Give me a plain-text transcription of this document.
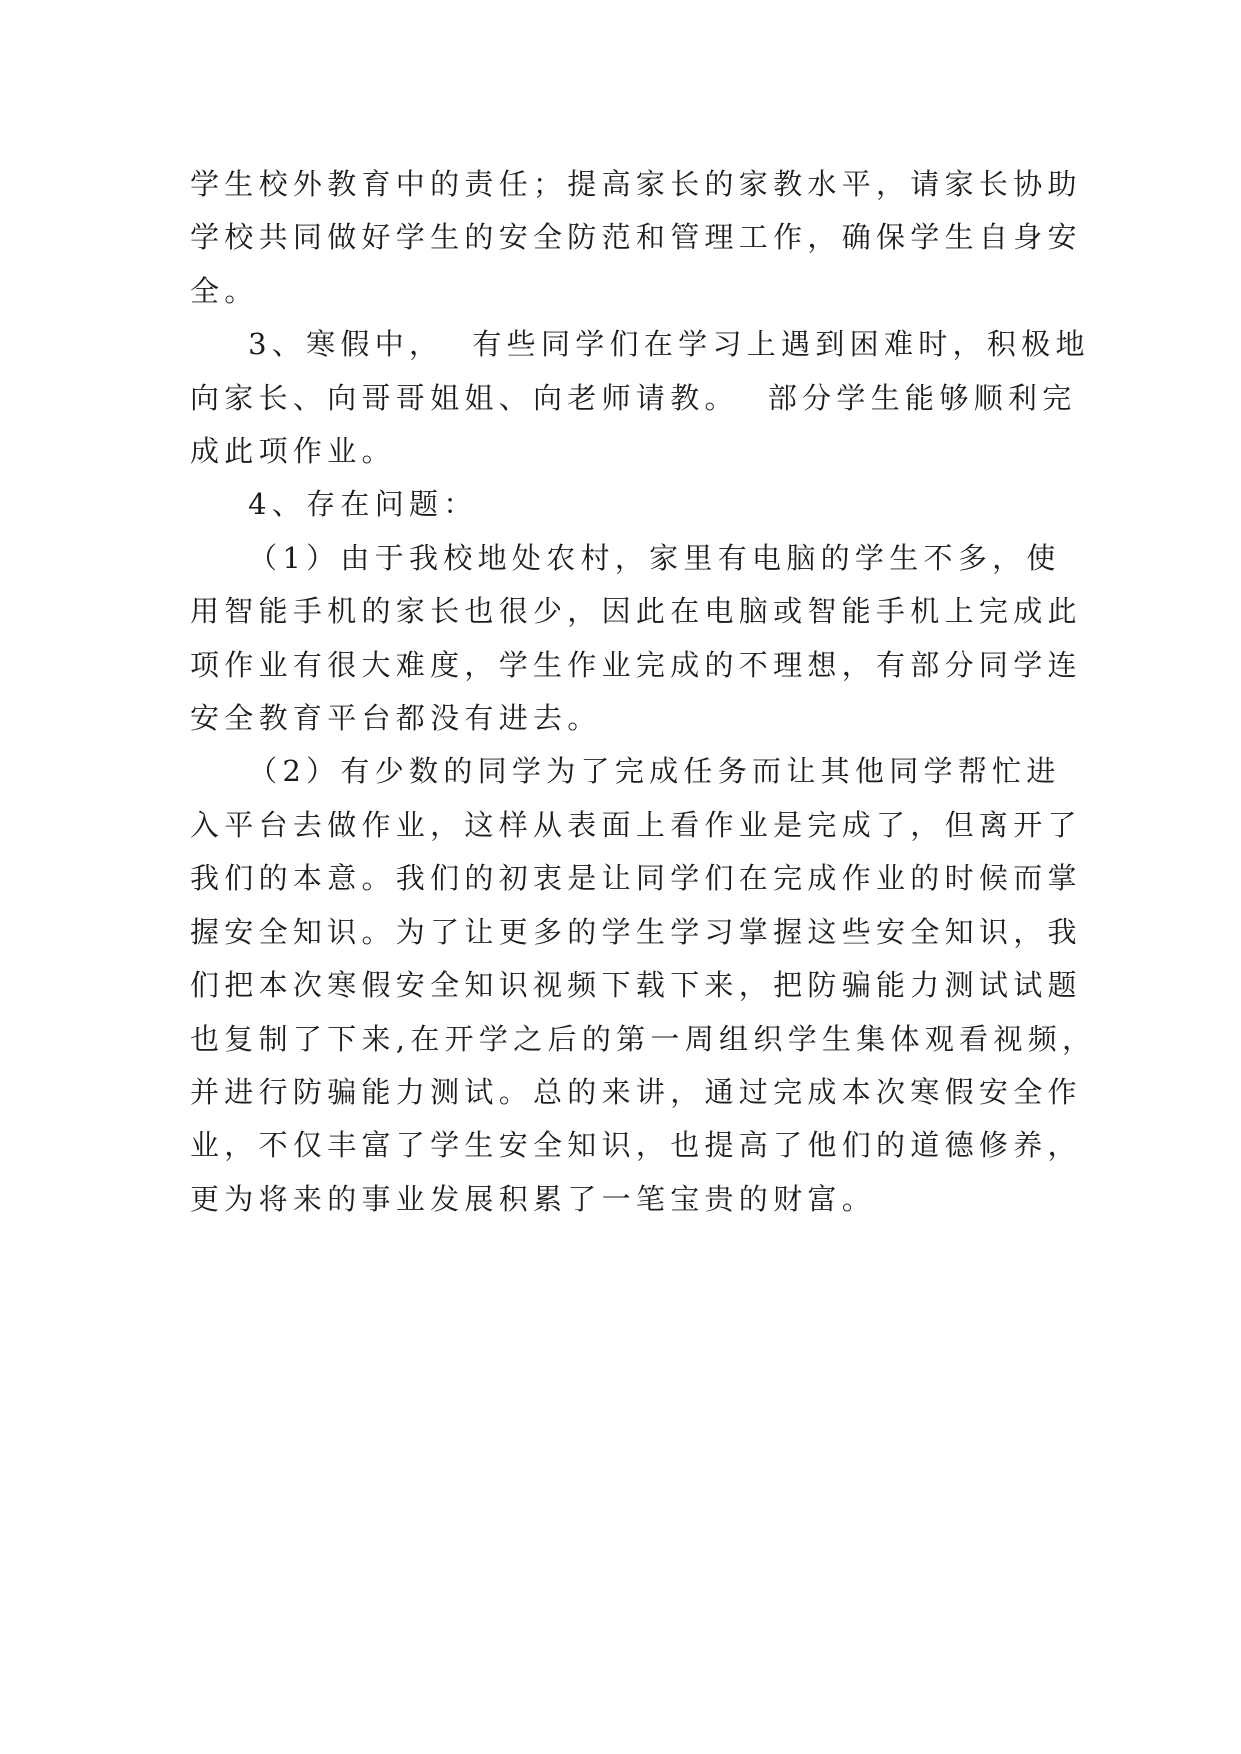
学生校外教育中的责任；提高家长的家教水平，请家长协助

学校共同做好学生的安全防范和管理工作，确保学生自身安

全。

3、寒假中，  有些同学们在学习上遇到困难时，积极地

向家长、向哥哥姐姐、向老师请教。  部分学生能够顺利完

成此项作业。

4、存在问题：

（1）由于我校地处农村，家里有电脑的学生不多，使

用智能手机的家长也很少，因此在电脑或智能手机上完成此

项作业有很大难度，学生作业完成的不理想，有部分同学连

安全教育平台都没有进去。

（2）有少数的同学为了完成任务而让其他同学帮忙进

入平台去做作业，这样从表面上看作业是完成了，但离开了

我们的本意。我们的初衷是让同学们在完成作业的时候而掌

握安全知识。为了让更多的学生学习掌握这些安全知识，我

们把本次寒假安全知识视频下载下来，把防骗能力测试试题

也复制了下来,在开学之后的第一周组织学生集体观看视频，

并进行防骗能力测试。总的来讲，通过完成本次寒假安全作

业，不仅丰富了学生安全知识，也提高了他们的道德修养，

更为将来的事业发展积累了一笔宝贵的财富。
